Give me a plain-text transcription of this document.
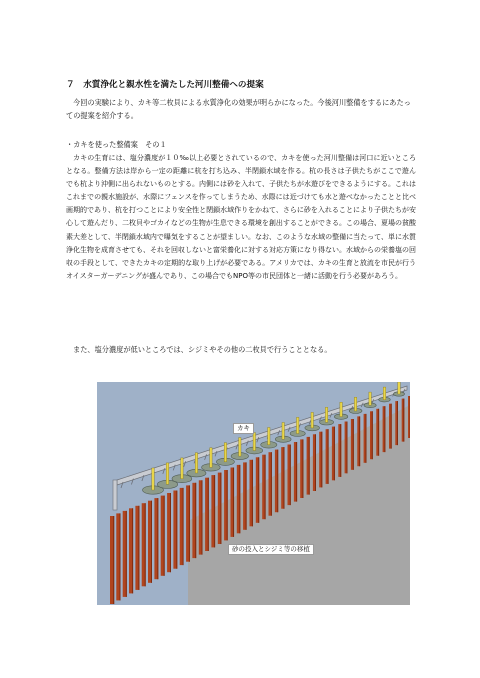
７　水質浄化と親水性を満たした河川整備への提案
今回の実験により、カキ等二枚貝による水質浄化の効果が明らかになった。今後河川整備をするにあたっての提案を紹介する。
・カキを使った整備案　その１
カキの生育には、塩分濃度が１０‰以上必要とされているので、カキを使った河川整備は河口に近いところとなる。整備方法は岸から一定の距離に杭を打ち込み、半閉鎖水域を作る。杭の長さは子供たちがここで遊んでも杭より沖側に出られないものとする。内側には砂を入れて、子供たちが水遊びをできるようにする。これはこれまでの親水施設が、水際にフェンスを作ってしまうため、水際には近づけても水と遊べなかったことと比べ画期的であり、杭を打つことにより安全性と閉鎖水域作りをかねて、さらに砂を入れることにより子供たちが安心して遊んだり、二枚貝やゴカイなどの生物が生息できる環境を創出することができる。この場合、夏場の貧酸素大差として、半閉鎖水域内で曝気をすることが望ましい。なお、このような水域の整備に当たって、単に水質浄化生物を成育させても、それを回収しないと富栄養化に対する対応方策になり得ない。水域からの栄養塩の回収の手段として、できたカキの定期的な取り上げが必要である。アメリカでは、カキの生育と放流を市民が行うオイスターガーデニングが盛んであり、この場合でもNPO等の市民団体と一緒に活動を行う必要があろう。
また、塩分濃度が低いところでは、シジミやその他の二枚貝で行うこととなる。
カキ
砂の投入とシジミ等の移植
